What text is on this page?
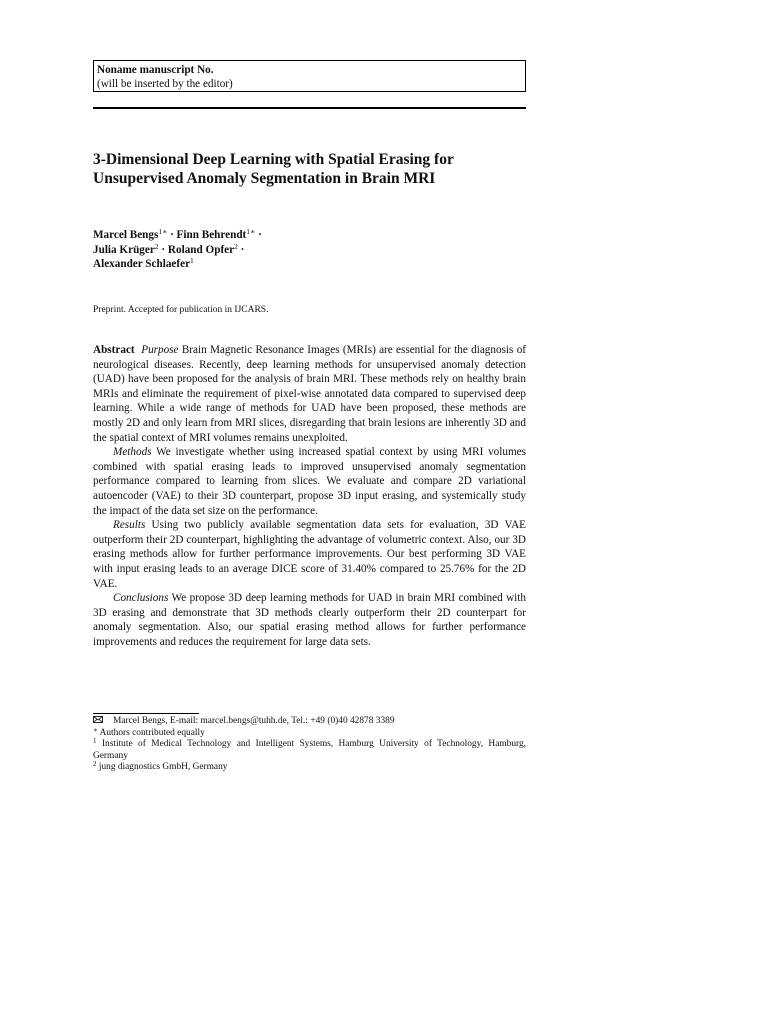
Noname manuscript No.
(will be inserted by the editor)
3-Dimensional Deep Learning with Spatial Erasing for Unsupervised Anomaly Segmentation in Brain MRI
Marcel Bengs$^{1∗}$ · Finn Behrendt$^{1∗}$ ·
Julia Krüger$^2$ · Roland Opfer$^2$ ·
Alexander Schlaefer$^1$
Preprint. Accepted for publication in IJCARS.

Abstract Purpose Brain Magnetic Resonance Images (MRIs) are essential for the diagnosis of neurological diseases. Recently, deep learning methods for unsupervised anomaly detection (UAD) have been proposed for the analysis of brain MRI. These methods rely on healthy brain MRIs and eliminate the requirement of pixel-wise annotated data compared to supervised deep learning. While a wide range of methods for UAD have been proposed, these methods are mostly 2D and only learn from MRI slices, disregarding that brain lesions are inherently 3D and the spatial context of MRI volumes remains unexploited.

Methods We investigate whether using increased spatial context by using MRI volumes combined with spatial erasing leads to improved unsupervised anomaly segmentation performance compared to learning from slices. We evaluate and compare 2D variational autoencoder (VAE) to their 3D counterpart, propose 3D input erasing, and systemically study the impact of the data set size on the performance.

Results Using two publicly available segmentation data sets for evaluation, 3D VAE outperform their 2D counterpart, highlighting the advantage of volumetric context. Also, our 3D erasing methods allow for further performance improvements. Our best performing 3D VAE with input erasing leads to an average DICE score of 31.40% compared to 25.76% for the 2D VAE.

Conclusions We propose 3D deep learning methods for UAD in brain MRI combined with 3D erasing and demonstrate that 3D methods clearly outperform their 2D counterpart for anomaly segmentation. Also, our spatial erasing method allows for further performance improvements and reduces the requirement for large data sets.

Marcel Bengs, E-mail: marcel.bengs@tuhh.de, Tel.: +49 (0)40 42878 3389
∗ Authors contributed equally
$^1$ Institute of Medical Technology and Intelligent Systems, Hamburg University of Technology, Hamburg, Germany
$^2$ jung diagnostics GmbH, Germany
